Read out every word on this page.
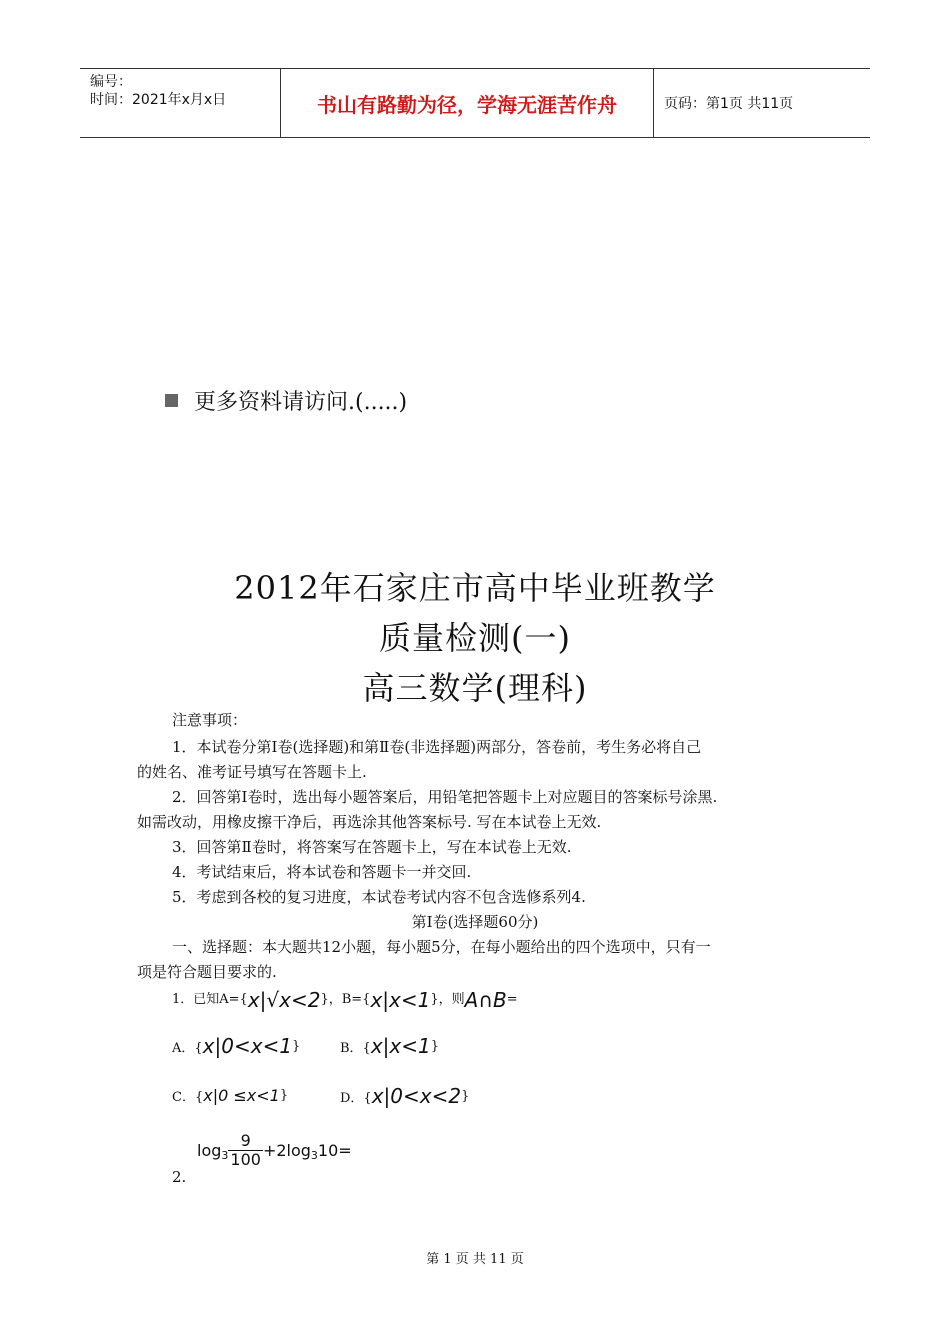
编号：
时间：2021年x月x日	书山有路勤为径，学海无涯苦作舟	页码：第1页 共11页
更多资料请访问.(.....)
2012年石家庄市高中毕业班教学
质量检测(一)
高三数学(理科)
注意事项：
1．本试卷分第Ⅰ卷(选择题)和第Ⅱ卷(非选择题)两部分，答卷前，考生务必将自己
的姓名、准考证号填写在答题卡上.
2．回答第Ⅰ卷时，选出每小题答案后，用铅笔把答题卡上对应题目的答案标号涂黑.
如需改动，用橡皮擦干净后，再选涂其他答案标号. 写在本试卷上无效.
3．回答第Ⅱ卷时，将答案写在答题卡上，写在本试卷上无效.
4．考试结束后，将本试卷和答题卡一并交回.
5．考虑到各校的复习进度，本试卷考试内容不包含选修系列4.
第Ⅰ卷(选择题60分)
一、选择题：本大题共12小题，每小题5分，在每小题给出的四个选项中，只有一
项是符合题目要求的.
1．已知A={ x|√x<2 }，B={ x|x<1 }，则 A∩B =
A．{ x|0<x<1 }	B．{ x|x<1 }
C．{ x|0 ≤x<1 }	D．{ x|0<x<2 }
$\log_3 \frac{9}{100} +2\log_3$ 10=
2.
第 1 页 共 11 页
